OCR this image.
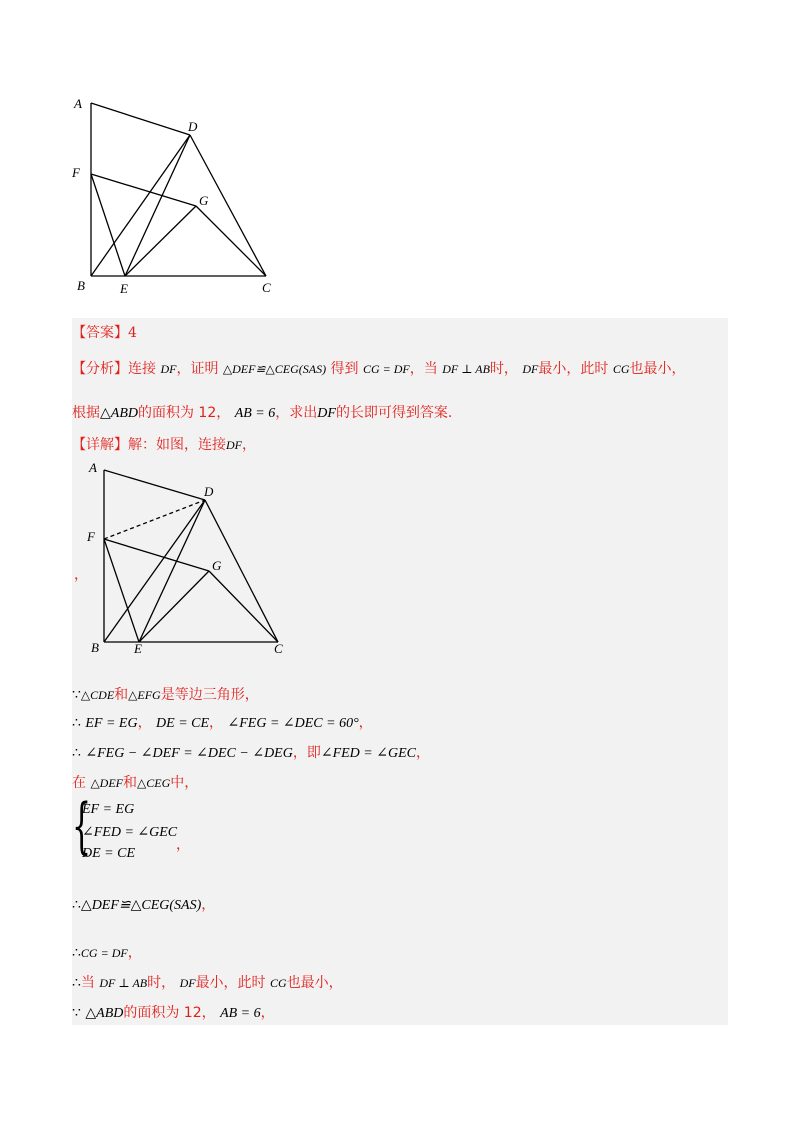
A
D
F
G
B	E	C
【答案】4
【分析】连接 DF，证明 △DEF≌△CEG(SAS) 得到 CG = DF，当 DF ⊥ AB时， DF最小，此时 CG也最小，
根据△ABD的面积为 12， AB = 6，求出DF的长即可得到答案.
【详解】解：如图，连接DF，
A
D
F
G
B	E	C
，
∵△CDE和△EFG是等边三角形，
∴ EF = EG， DE = CE， ∠FEG = ∠DEC = 60°，
∴ ∠FEG − ∠DEF = ∠DEC − ∠DEG，即∠FED = ∠GEC，
在 △DEF和△CEG中，
{
EF = EG
∠FED = ∠GEC
DE = CE
，
∴△DEF≌△CEG(SAS)，
∴CG = DF，
∴当 DF ⊥ AB时， DF最小，此时 CG也最小，
∵ △ABD的面积为 12， AB = 6，
